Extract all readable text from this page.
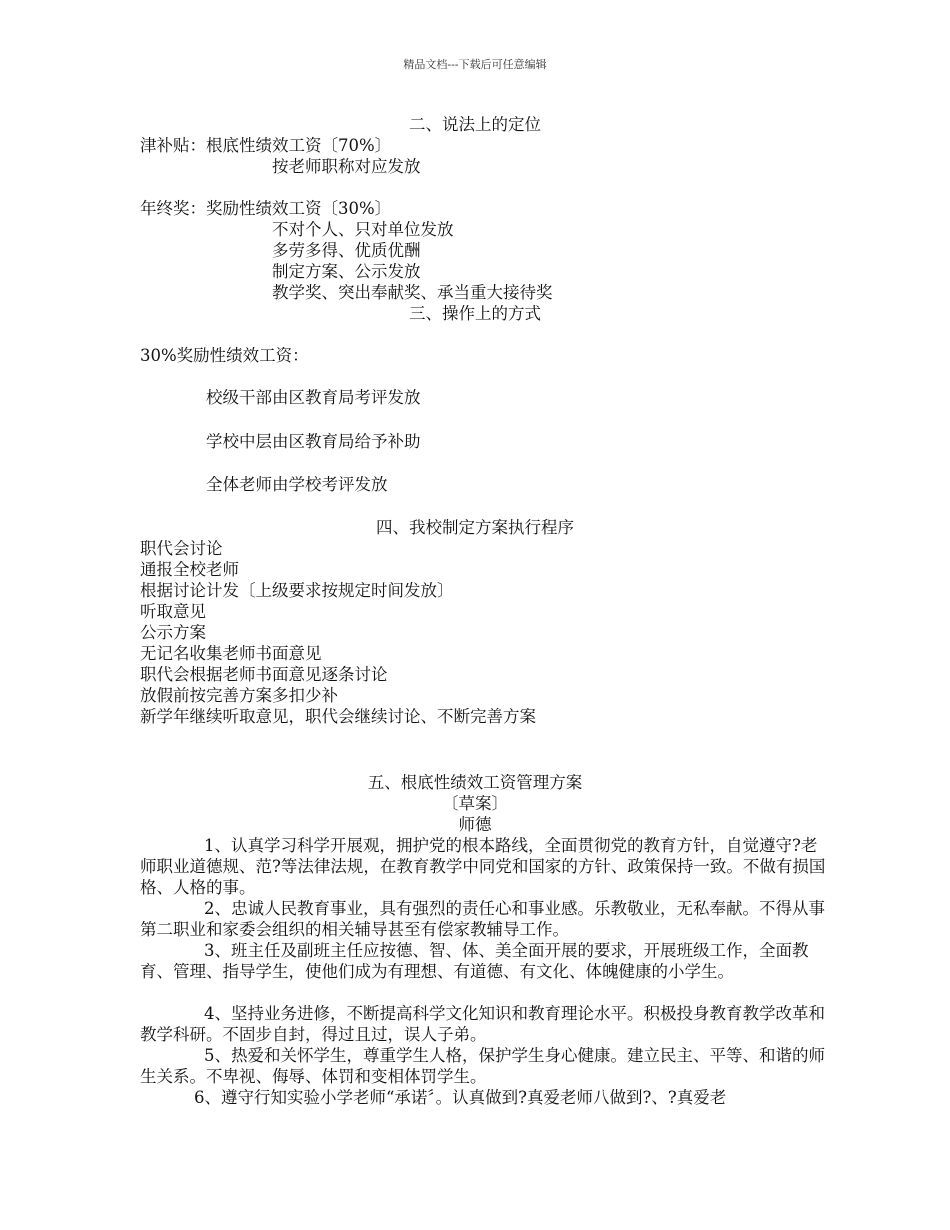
精品文档---下载后可任意编辑
二、说法上的定位
津补贴：根底性绩效工资〔70%〕
按老师职称对应发放
年终奖：奖励性绩效工资〔30%〕
不对个人、只对单位发放
多劳多得、优质优酬
制定方案、公示发放
教学奖、突出奉献奖、承当重大接待奖
三、操作上的方式
30%奖励性绩效工资：
校级干部由区教育局考评发放
学校中层由区教育局给予补助
全体老师由学校考评发放
四、我校制定方案执行程序
职代会讨论
通报全校老师
根据讨论计发〔上级要求按规定时间发放〕
听取意见
公示方案
无记名收集老师书面意见
职代会根据老师书面意见逐条讨论
放假前按完善方案多扣少补
新学年继续听取意见，职代会继续讨论、不断完善方案
五、根底性绩效工资管理方案
〔草案〕
师德
1、认真学习科学开展观，拥护党的根本路线，全面贯彻党的教育方针，自觉遵守?老师职业道德规、范?等法律法规，在教育教学中同党和国家的方针、政策保持一致。不做有损国格、人格的事。
2、忠诚人民教育事业，具有强烈的责任心和事业感。乐教敬业，无私奉献。不得从事第二职业和家委会组织的相关辅导甚至有偿家教辅导工作。
3、班主任及副班主任应按德、智、体、美全面开展的要求，开展班级工作，全面教育、管理、指导学生，使他们成为有理想、有道德、有文化、体魄健康的小学生。
4、坚持业务进修，不断提高科学文化知识和教育理论水平。积极投身教育教学改革和教学科研。不固步自封，得过且过，误人子弟。
5、热爱和关怀学生，尊重学生人格，保护学生身心健康。建立民主、平等、和谐的师生关系。不卑视、侮辱、体罚和变相体罚学生。
6、遵守行知实验小学老师“承诺〞。认真做到?真爱老师八做到?、?真爱老
